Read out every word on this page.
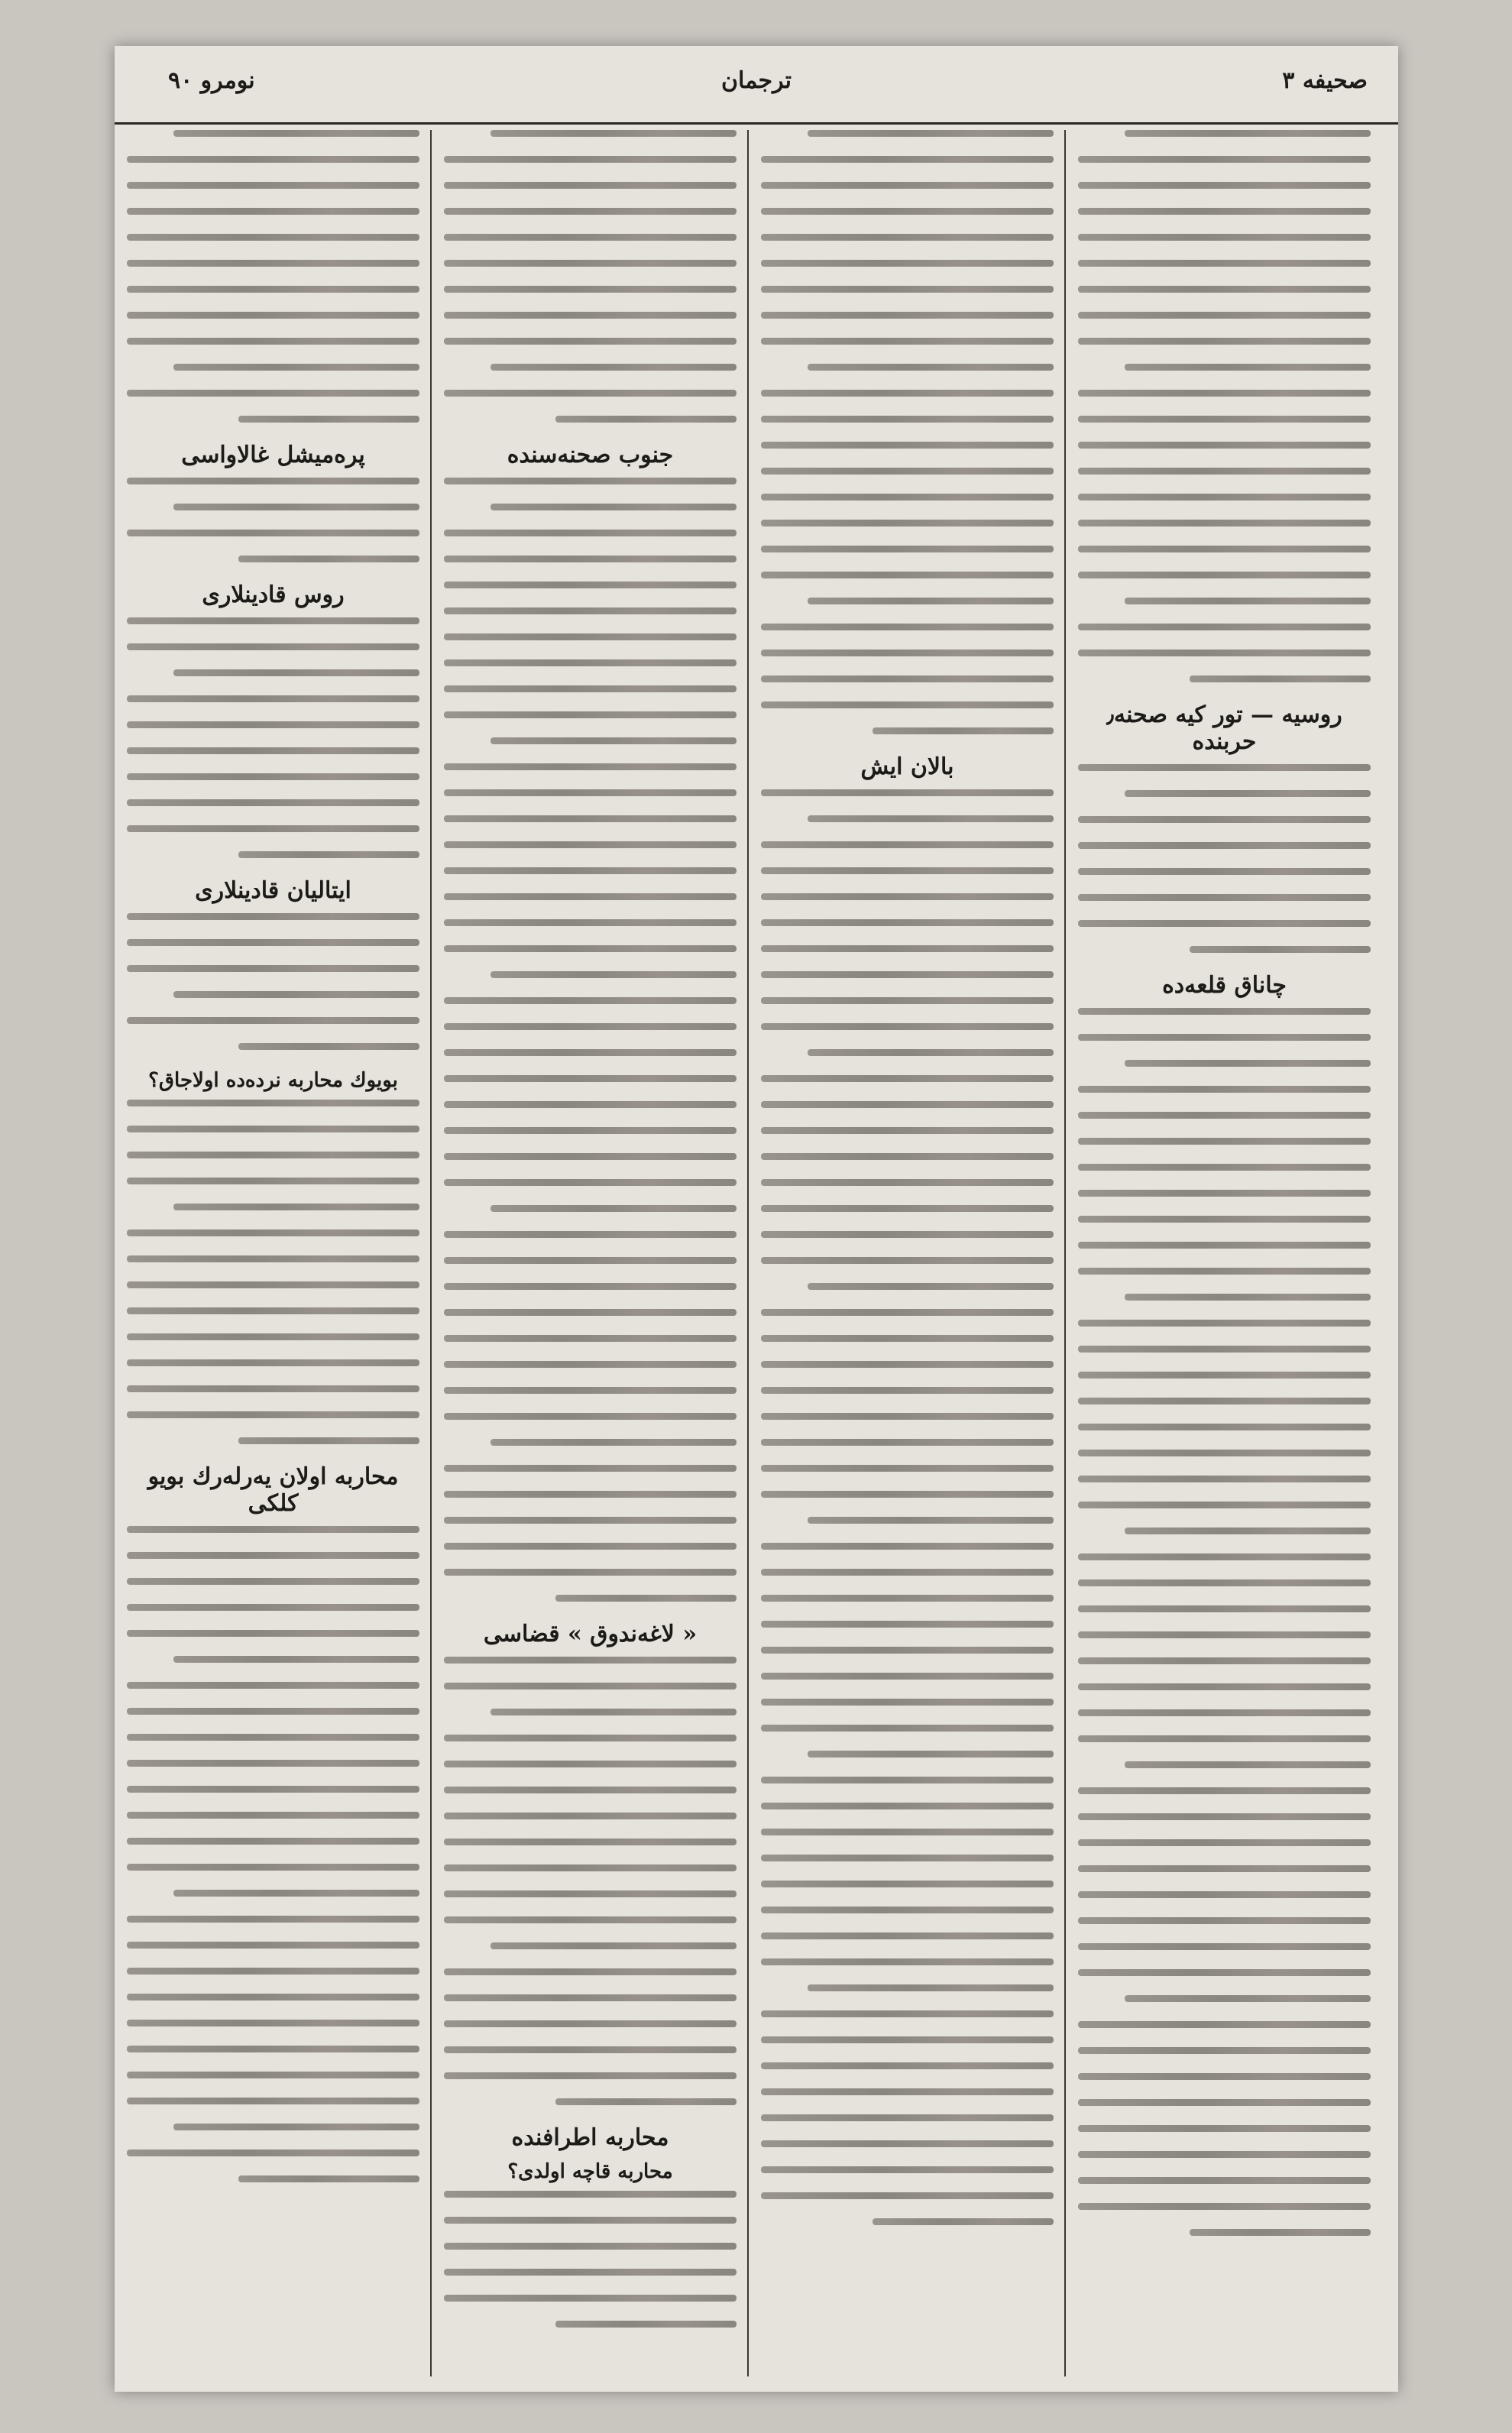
نومرو ٩٠	ترجمان	صحيفه ٣
روسيه — تور كيه صحنه٫ حربنده
چاناق قلعه‌ده
بالان ايش
جنوب صحنه‌سنده
« لاغه‌ندوق » قضاسى
محاربه اطرافنده
محاربه قاچه اولدى؟
پرەميشل غالاواسى
روس قادينلارى
ايتاليان قادينلارى
بويوك محاربه نرده‌ده اولاجاق؟
محاربه اولان يەرلەرك بويو كلكى
